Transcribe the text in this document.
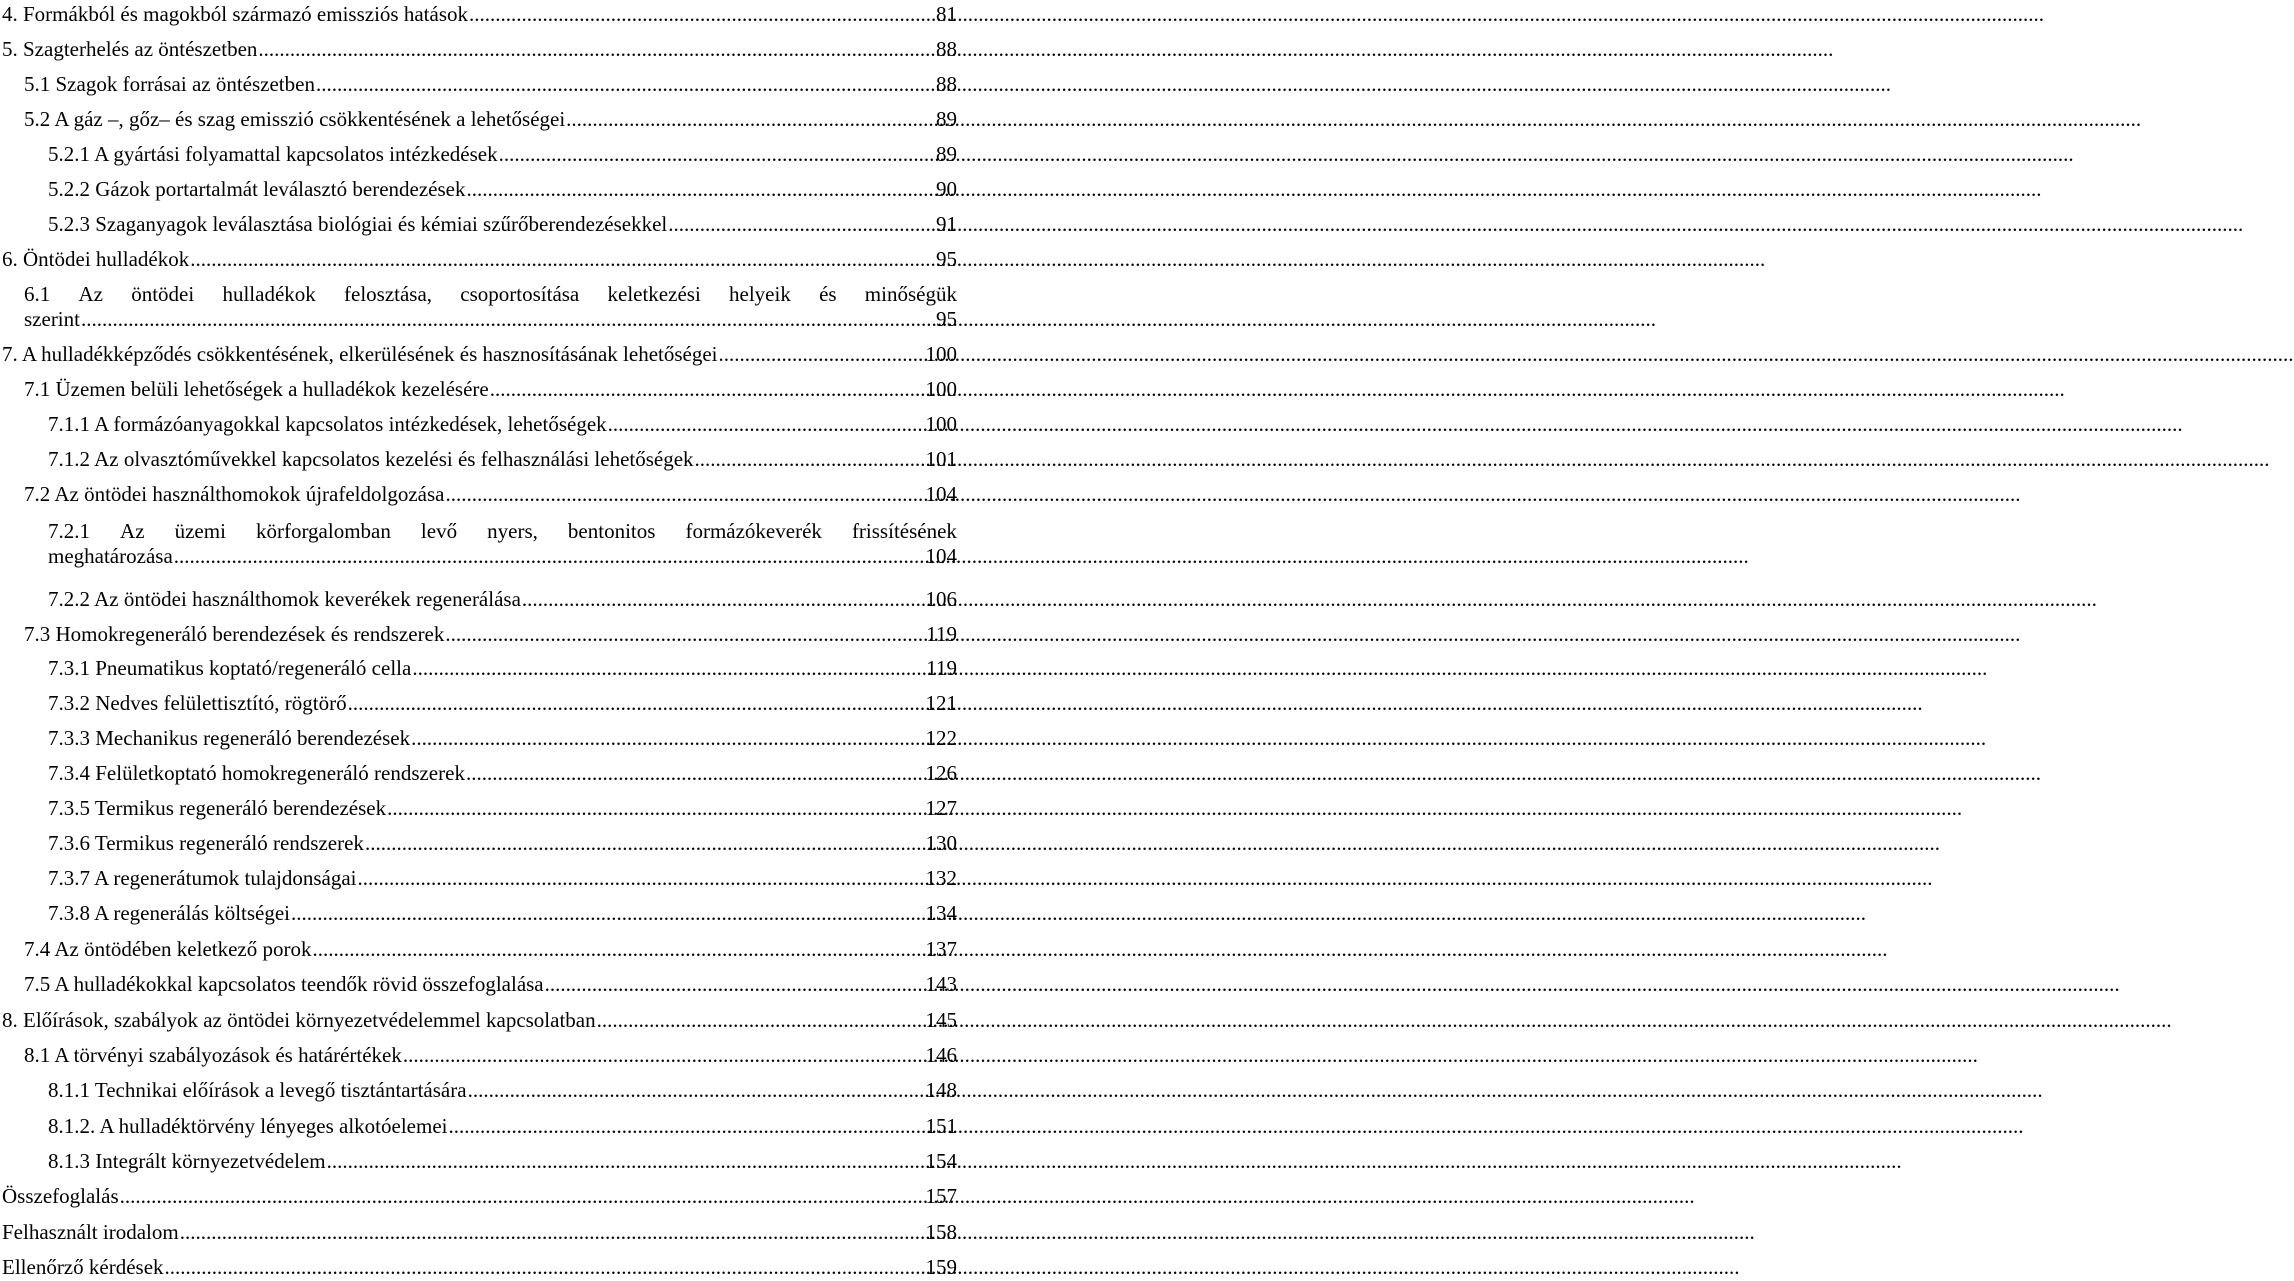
4. Formákból és magokból származó emissziós hatások .....	81
5. Szagterhelés az öntészetben .....	88
5.1 Szagok forrásai az öntészetben .....	88
5.2 A gáz –, gőz– és szag emisszió csökkentésének a lehetőségei .....	89
5.2.1 A gyártási folyamattal kapcsolatos intézkedések .....	89
5.2.2 Gázok portartalmát leválasztó berendezések .....	90
5.2.3 Szaganyagok leválasztása biológiai és kémiai szűrőberendezésekkel .....	91
6. Öntödei hulladékok .....	95
6.1 Az öntödei hulladékok felosztása, csoportosítása keletkezési helyeik és minőségük
szerint .....	95
7. A hulladékképződés csökkentésének, elkerülésének és hasznosításának lehetőségei .....	100
7.1 Üzemen belüli lehetőségek a hulladékok kezelésére .....	100
7.1.1 A formázóanyagokkal kapcsolatos intézkedések, lehetőségek .....	100
7.1.2 Az olvasztóművekkel kapcsolatos kezelési és felhasználási lehetőségek .....	101
7.2 Az öntödei használthomokok újrafeldolgozása .....	104
7.2.1 Az üzemi körforgalomban levő nyers, bentonitos formázókeverék frissítésének
meghatározása .....	104
7.2.2 Az öntödei használthomok keverékek regenerálása .....	106
7.3 Homokregeneráló berendezések és rendszerek .....	119
7.3.1 Pneumatikus koptató/regeneráló cella .....	119
7.3.2 Nedves felülettisztító, rögtörő .....	121
7.3.3 Mechanikus regeneráló berendezések .....	122
7.3.4 Felületkoptató homokregeneráló rendszerek .....	126
7.3.5 Termikus regeneráló berendezések .....	127
7.3.6 Termikus regeneráló rendszerek .....	130
7.3.7 A regenerátumok tulajdonságai .....	132
7.3.8 A regenerálás költségei .....	134
7.4 Az öntödében keletkező porok .....	137
7.5 A hulladékokkal kapcsolatos teendők rövid összefoglalása .....	143
8. Előírások, szabályok az öntödei környezetvédelemmel kapcsolatban .....	145
8.1 A törvényi szabályozások és határértékek .....	146
8.1.1 Technikai előírások a levegő tisztántartására .....	148
8.1.2. A hulladéktörvény lényeges alkotóelemei .....	151
8.1.3 Integrált környezetvédelem .....	154
Összefoglalás .....	157
Felhasznált irodalom .....	158
Ellenőrző kérdések .....	159
